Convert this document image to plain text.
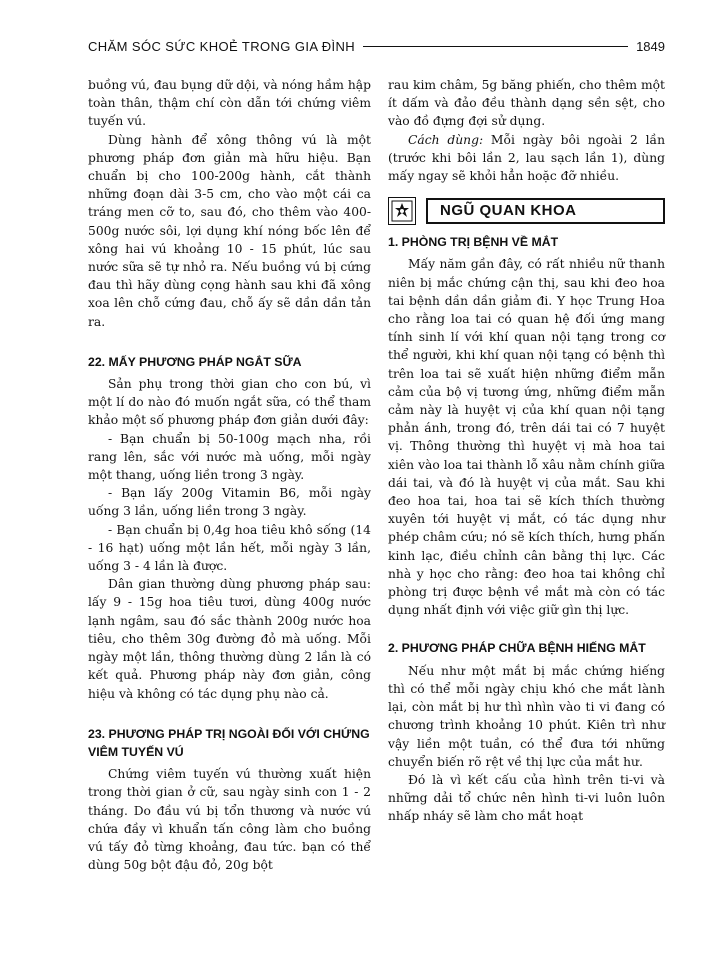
CHĂM SÓC SỨC KHOẺ TRONG GIA ĐÌNH	1849

buồng vú, đau bụng dữ dội, và nóng hầm hập toàn thân, thậm chí còn dẫn tới chứng viêm tuyến vú.

Dùng hành để xông thông vú là một phương pháp đơn giản mà hữu hiệu. Bạn chuẩn bị cho 100-200g hành, cắt thành những đoạn dài 3-5 cm, cho vào một cái ca tráng men cỡ to, sau đó, cho thêm vào 400-500g nước sôi, lợi dụng khí nóng bốc lên để xông hai vú khoảng 10 - 15 phút, lúc sau nước sữa sẽ tự nhỏ ra. Nếu buồng vú bị cứng đau thì hãy dùng cọng hành sau khi đã xông xoa lên chỗ cứng đau, chỗ ấy sẽ dần dần tản ra.

22. MẤY PHƯƠNG PHÁP NGẮT SỮA

Sản phụ trong thời gian cho con bú, vì một lí do nào đó muốn ngắt sữa, có thể tham khảo một số phương pháp đơn giản dưới đây:

- Bạn chuẩn bị 50-100g mạch nha, rồi rang lên, sắc với nước mà uống, mỗi ngày một thang, uống liền trong 3 ngày.

- Bạn lấy 200g Vitamin B6, mỗi ngày uống 3 lần, uống liền trong 3 ngày.

- Bạn chuẩn bị 0,4g hoa tiêu khô sống (14 - 16 hạt) uống một lần hết, mỗi ngày 3 lần, uống 3 - 4 lần là được.

Dân gian thường dùng phương pháp sau: lấy 9 - 15g hoa tiêu tươi, dùng 400g nước lạnh ngâm, sau đó sắc thành 200g nước hoa tiêu, cho thêm 30g đường đỏ mà uống. Mỗi ngày một lần, thông thường dùng 2 lần là có kết quả. Phương pháp này đơn giản, công hiệu và không có tác dụng phụ nào cả.

23. PHƯƠNG PHÁP TRỊ NGOÀI ĐỐI VỚI CHỨNG VIÊM TUYẾN VÚ

Chứng viêm tuyến vú thường xuất hiện trong thời gian ở cữ, sau ngày sinh con 1 - 2 tháng. Do đầu vú bị tổn thương và nước vú chứa đầy vì khuẩn tấn công làm cho buồng vú tấy đỏ từng khoảng, đau tức. bạn có thể dùng 50g bột đậu đỏ, 20g bột

rau kim châm, 5g băng phiến, cho thêm một ít dấm và đảo đều thành dạng sền sệt, cho vào đồ đựng đợi sử dụng.

Cách dùng: Mỗi ngày bôi ngoài 2 lần (trước khi bôi lần 2, lau sạch lần 1), dùng mấy ngay sẽ khỏi hẳn hoặc đỡ nhiều.

NGŨ QUAN KHOA
1. PHÒNG TRỊ BỆNH VỀ MẮT

Mấy năm gần đây, có rất nhiều nữ thanh niên bị mắc chứng cận thị, sau khi đeo hoa tai bệnh dần dần giảm đi. Y học Trung Hoa cho rằng loa tai có quan hệ đối ứng mang tính sinh lí với khí quan nội tạng trong cơ thể người, khi khí quan nội tạng có bệnh thì trên loa tai sẽ xuất hiện những điểm mẫn cảm của bộ vị tương ứng, những điểm mẫn cảm này là huyệt vị của khí quan nội tạng phản ánh, trong đó, trên dái tai có 7 huyệt vị. Thông thường thì huyệt vị mà hoa tai xiên vào loa tai thành lỗ xâu nằm chính giữa dái tai, và đó là huyệt vị của mắt. Sau khi đeo hoa tai, hoa tai sẽ kích thích thường xuyên tới huyệt vị mắt, có tác dụng như phép châm cứu; nó sẽ kích thích, hưng phấn kinh lạc, điều chỉnh cân bằng thị lực. Các nhà y học cho rằng: đeo hoa tai không chỉ phòng trị được bệnh về mắt mà còn có tác dụng nhất định với việc giữ gìn thị lực.

2. PHƯƠNG PHÁP CHỮA BỆNH HIẾNG MẮT

Nếu như một mắt bị mắc chứng hiếng thì có thể mỗi ngày chịu khó che mắt lành lại, còn mắt bị hư thì nhìn vào ti vi đang có chương trình khoảng 10 phút. Kiên trì như vậy liền một tuần, có thể đưa tới những chuyển biến rõ rệt về thị lực của mắt hư.

Đó là vì kết cấu của hình trên ti-vi và những dải tổ chức nên hình ti-vi luôn luôn nhấp nháy sẽ làm cho mắt hoạt
